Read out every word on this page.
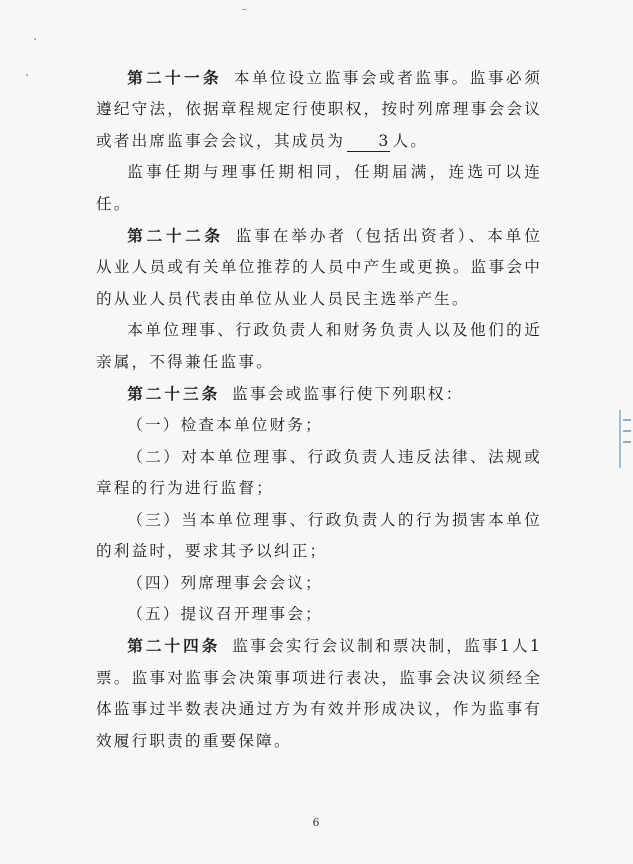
第二十一条 本单位设立监事会或者监事。监事必须遵纪守法，依据章程规定行使职权，按时列席理事会会议或者出席监事会会议，其成员为 3 人。

监事任期与理事任期相同，任期届满，连选可以连任。

第二十二条 监事在举办者（包括出资者）、本单位从业人员或有关单位推荐的人员中产生或更换。监事会中的从业人员代表由单位从业人员民主选举产生。

本单位理事、行政负责人和财务负责人以及他们的近亲属，不得兼任监事。

第二十三条 监事会或监事行使下列职权：

（一）检查本单位财务；

（二）对本单位理事、行政负责人违反法律、法规或章程的行为进行监督；

（三）当本单位理事、行政负责人的行为损害本单位的利益时，要求其予以纠正；

（四）列席理事会会议；

（五）提议召开理事会；

第二十四条 监事会实行会议制和票决制，监事1人1票。监事对监事会决策事项进行表决，监事会决议须经全体监事过半数表决通过方为有效并形成决议，作为监事有效履行职责的重要保障。

6
